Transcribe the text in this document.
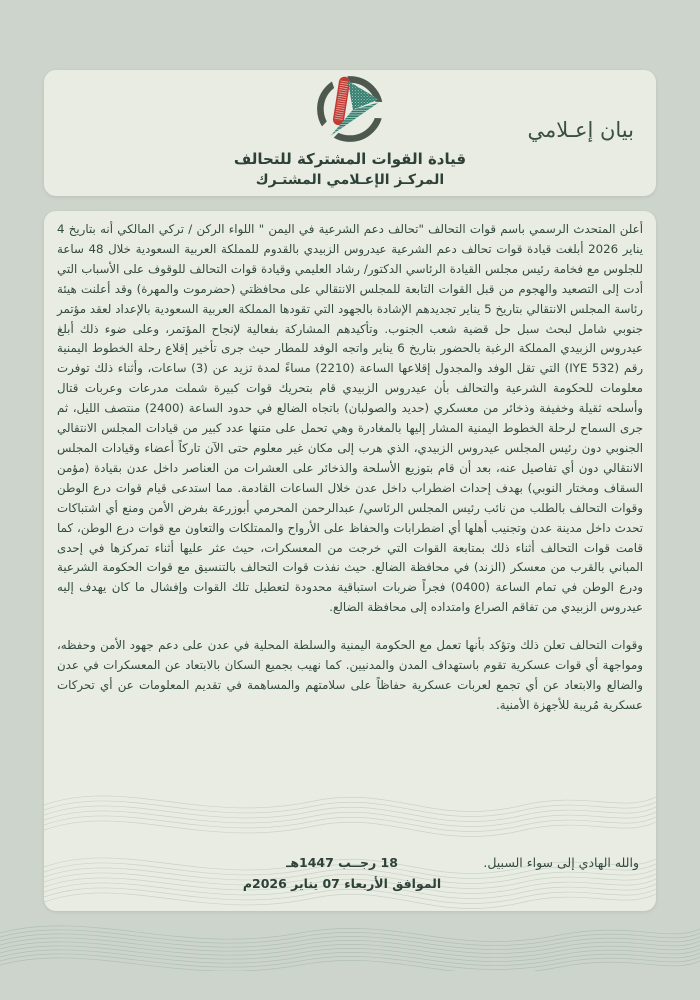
قيادة القوات المشتركة للتحالف
المركـز الإعـلامي المشتـرك
بيان إعـلامي

أعلن المتحدث الرسمي باسم قوات التحالف "تحالف دعم الشرعية في اليمن " اللواء الركن / تركي المالكي أنه بتاريخ 4 يناير 2026 أبلغت قيادة قوات تحالف دعم الشرعية عيدروس الزبيدي بالقدوم للمملكة العربية السعودية خلال 48 ساعة للجلوس مع فخامة رئيس مجلس القيادة الرئاسي الدكتور/ رشاد العليمي وقيادة قوات التحالف للوقوف على الأسباب التي أدت إلى التصعيد والهجوم من قبل القوات التابعة للمجلس الانتقالي على محافظتي (حضرموت والمهرة) وقد أعلنت هيئة رئاسة المجلس الانتقالي بتاريخ 5 يناير تجديدهم الإشادة بالجهود التي تقودها المملكة العربية السعودية بالإعداد لعقد مؤتمر جنوبي شامل لبحث سبل حل قضية شعب الجنوب. وتأكيدهم المشاركة بفعالية لإنجاح المؤتمر، وعلى ضوء ذلك أبلغ عيدروس الزبيدي المملكة الرغبة بالحضور بتاريخ 6 يناير واتجه الوفد للمطار حيث جرى تأخير إقلاع رحلة الخطوط اليمنية رقم (IYE 532) التي تقل الوفد والمجدول إقلاعها الساعة (2210) مساءً لمدة تزيد عن (3) ساعات، وأثناء ذلك توفرت معلومات للحكومة الشرعية والتحالف بأن عيدروس الزبيدي قام بتحريك قوات كبيرة شملت مدرعات وعربات قتال وأسلحه ثقيلة وخفيفة وذخائر من معسكري (حديد والصولبان) باتجاه الضالع في حدود الساعة (2400) منتصف الليل، ثم جرى السماح لرحلة الخطوط اليمنية المشار إليها بالمغادرة وهي تحمل على متنها عدد كبير من قيادات المجلس الانتقالي الجنوبي دون رئيس المجلس عيدروس الزبيدي، الذي هرب إلى مكان غير معلوم حتى الآن تاركاً أعضاء وقيادات المجلس الانتقالي دون أي تفاصيل عنه، بعد أن قام بتوزيع الأسلحة والذخائر على العشرات من العناصر داخل عدن بقيادة (مؤمن السقاف ومختار النوبي) بهدف إحداث اضطراب داخل عدن خلال الساعات القادمة. مما استدعى قيام قوات درع الوطن وقوات التحالف بالطلب من نائب رئيس المجلس الرئاسي/ عبدالرحمن المحرمي أبوزرعة بفرض الأمن ومنع أي اشتباكات تحدث داخل مدينة عدن وتجنيب أهلها أي اضطرابات والحفاظ على الأرواح والممتلكات والتعاون مع قوات درع الوطن، كما قامت قوات التحالف أثناء ذلك بمتابعة القوات التي خرجت من المعسكرات، حيث عثر عليها أثناء تمركزها في إحدى المباني بالقرب من معسكر (الزند) في محافظة الضالع. حيث نفذت قوات التحالف بالتنسيق مع قوات الحكومة الشرعية ودرع الوطن في تمام الساعة (0400) فجراً ضربات استباقية محدودة لتعطيل تلك القوات وإفشال ما كان يهدف إليه عيدروس الزبيدي من تفاقم الصراع وامتداده إلى محافظة الضالع.

وقوات التحالف تعلن ذلك وتؤكد بأنها تعمل مع الحكومة اليمنية والسلطة المحلية في عدن على دعم جهود الأمن وحفظه، ومواجهة أي قوات عسكرية تقوم باستهداف المدن والمدنيين. كما نهيب بجميع السكان بالابتعاد عن المعسكرات في عدن والضالع والابتعاد عن أي تجمع لعربات عسكرية حفاظاً على سلامتهم والمساهمة في تقديم المعلومات عن أي تحركات عسكرية مُريبة للأجهزة الأمنية.

والله الهادي إلى سواء السبيل.
18 رجــب 1447هـ
الموافق الأربعاء 07 يناير 2026م
